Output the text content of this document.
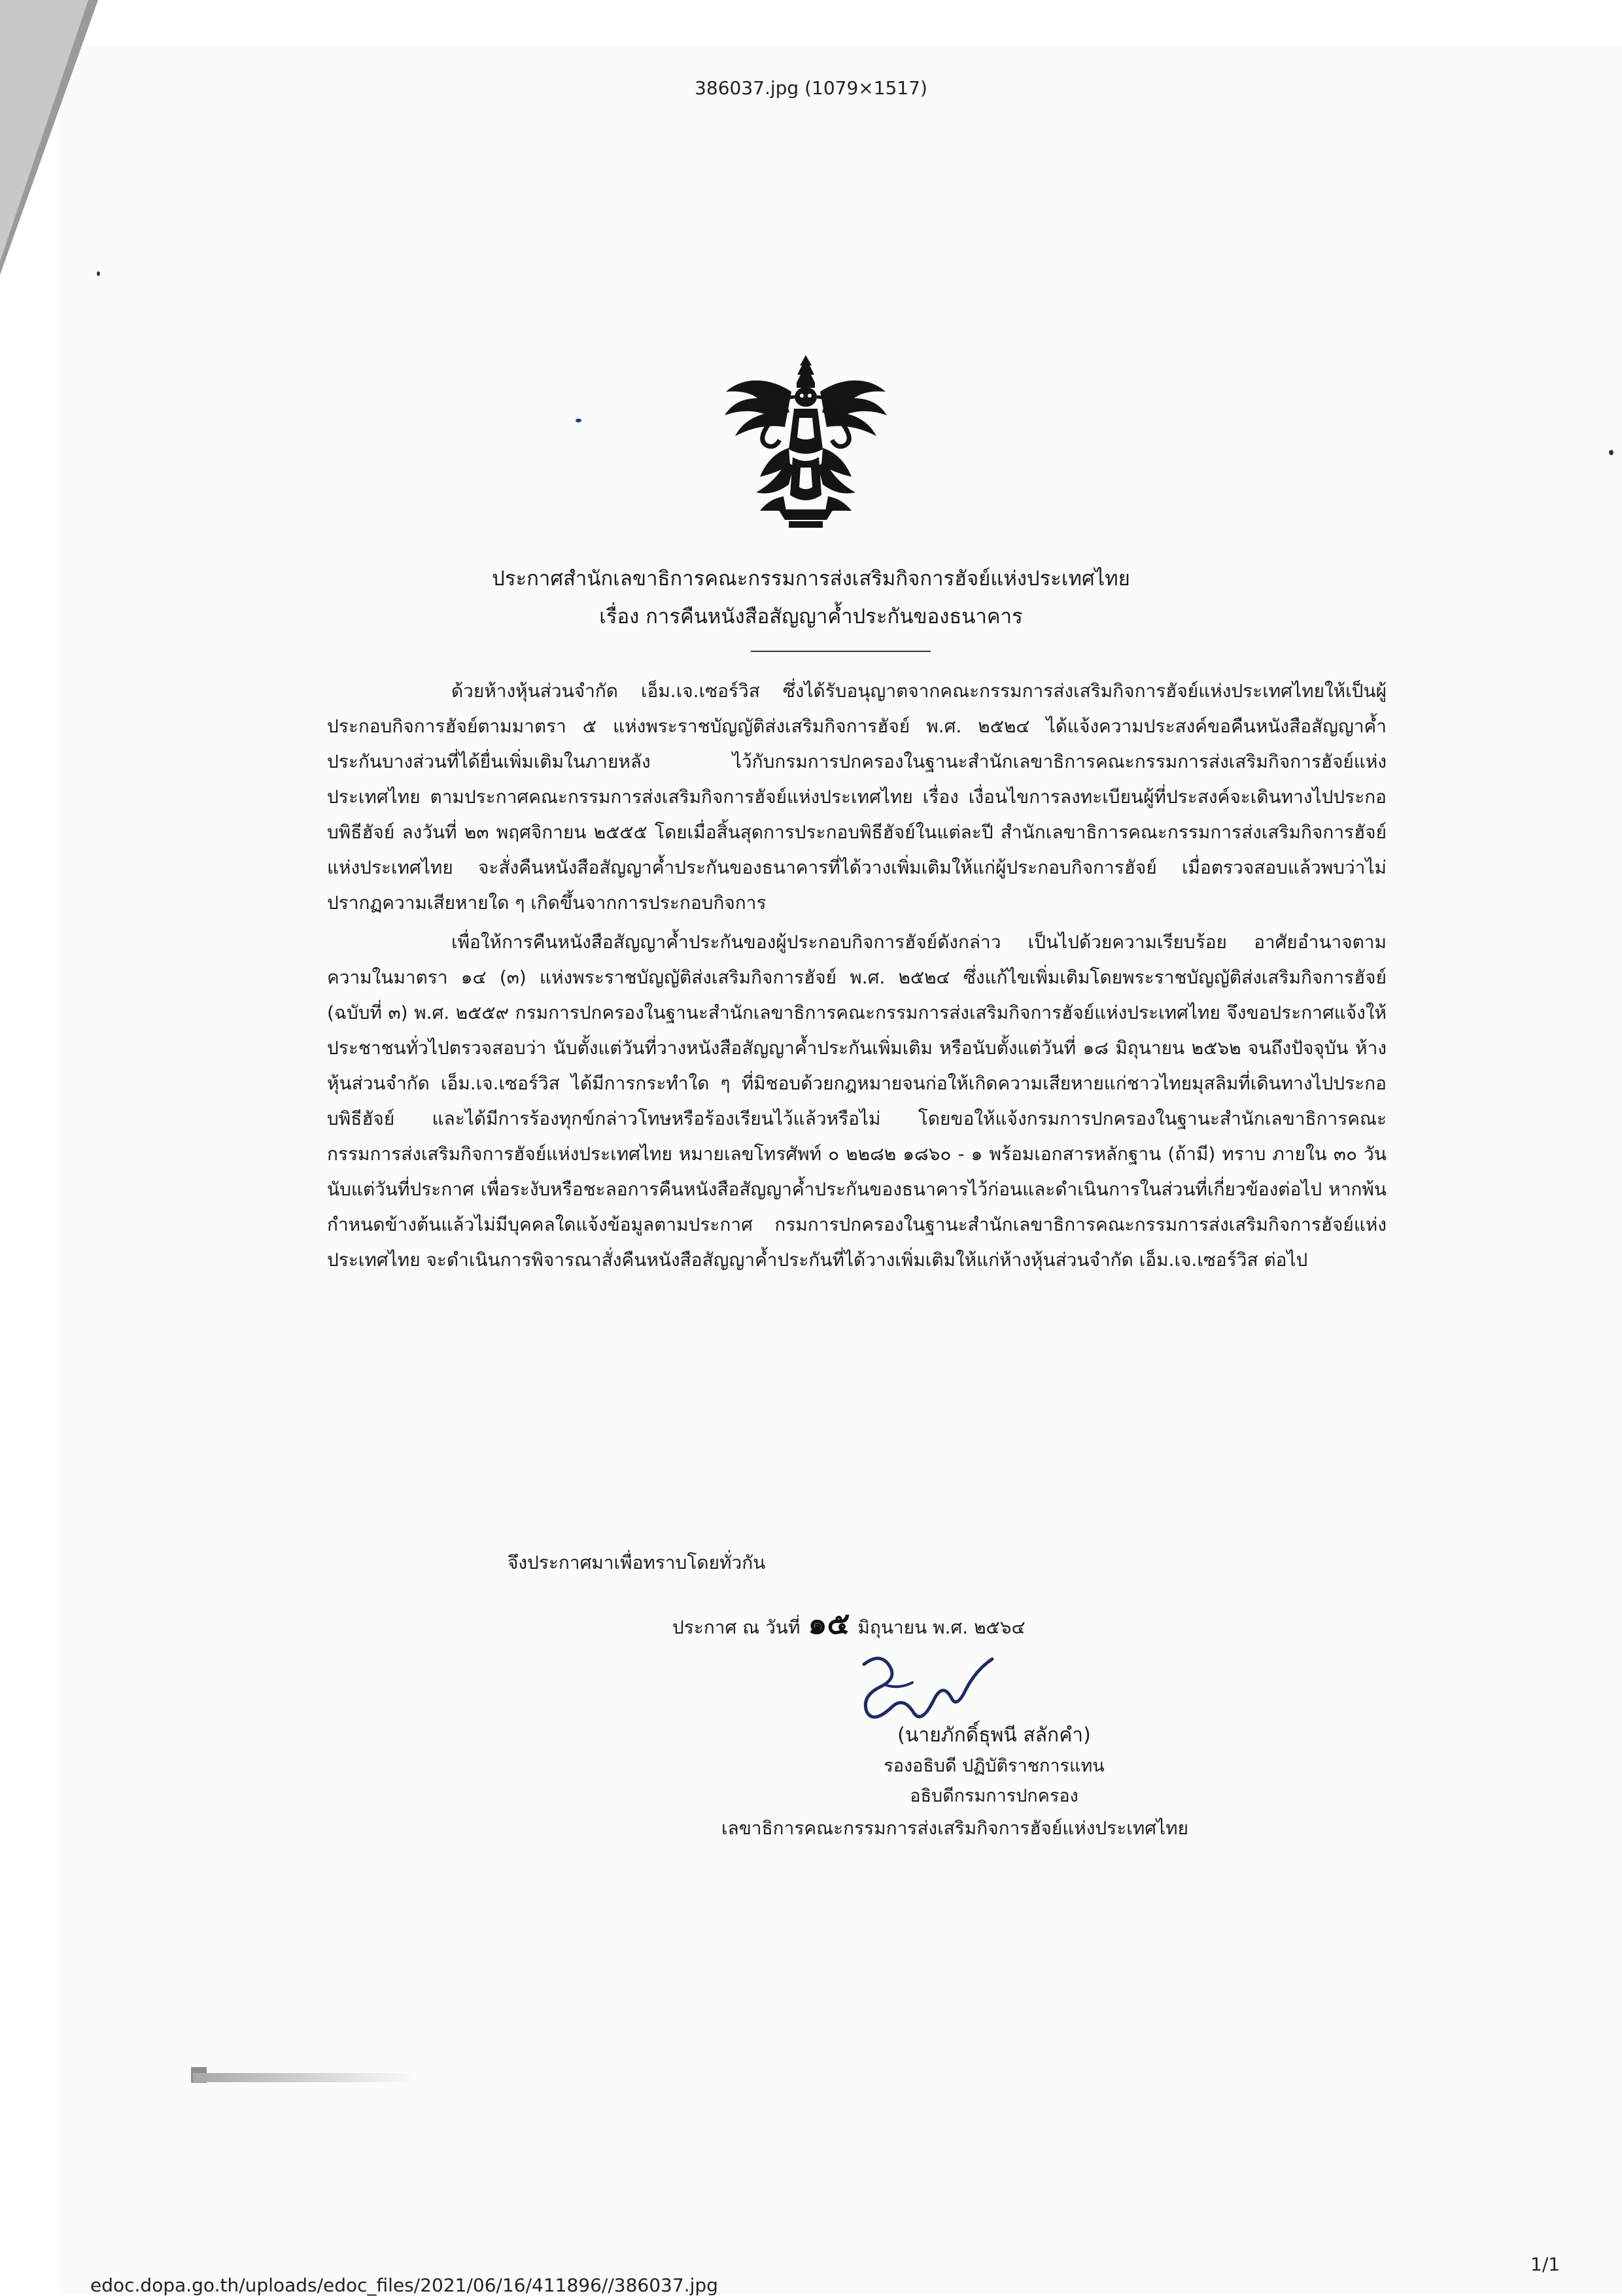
386037.jpg (1079×1517)
ประกาศสำนักเลขาธิการคณะกรรมการส่งเสริมกิจการฮัจย์แห่งประเทศไทย
เรื่อง การคืนหนังสือสัญญาค้ำประกันของธนาคาร

ด้วยห้างหุ้นส่วนจำกัด เอ็ม.เจ.เซอร์วิส ซึ่งได้รับอนุญาตจากคณะกรรมการส่งเสริมกิจการฮัจย์แห่งประเทศไทยให้เป็นผู้ประกอบกิจการฮัจย์ตามมาตรา ๕ แห่งพระราชบัญญัติส่งเสริมกิจการฮัจย์ พ.ศ. ๒๕๒๔ ได้แจ้งความประสงค์ขอคืนหนังสือสัญญาค้ำประกันบางส่วนที่ได้ยื่นเพิ่มเติมในภายหลัง ไว้กับกรมการปกครองในฐานะสำนักเลขาธิการคณะกรรมการส่งเสริมกิจการฮัจย์แห่งประเทศไทย ตามประกาศคณะกรรมการส่งเสริมกิจการฮัจย์แห่งประเทศไทย เรื่อง เงื่อนไขการลงทะเบียนผู้ที่ประสงค์จะเดินทางไปประกอบพิธีฮัจย์ ลงวันที่ ๒๓ พฤศจิกายน ๒๕๕๕ โดยเมื่อสิ้นสุดการประกอบพิธีฮัจย์ในแต่ละปี สำนักเลขาธิการคณะกรรมการส่งเสริมกิจการฮัจย์แห่งประเทศไทย จะสั่งคืนหนังสือสัญญาค้ำประกันของธนาคารที่ได้วางเพิ่มเติมให้แก่ผู้ประกอบกิจการฮัจย์ เมื่อตรวจสอบแล้วพบว่าไม่ปรากฏความเสียหายใด ๆ เกิดขึ้นจากการประกอบกิจการ

เพื่อให้การคืนหนังสือสัญญาค้ำประกันของผู้ประกอบกิจการฮัจย์ดังกล่าว เป็นไปด้วยความเรียบร้อย อาศัยอำนาจตามความในมาตรา ๑๔ (๓) แห่งพระราชบัญญัติส่งเสริมกิจการฮัจย์ พ.ศ. ๒๕๒๔ ซึ่งแก้ไขเพิ่มเติมโดยพระราชบัญญัติส่งเสริมกิจการฮัจย์ (ฉบับที่ ๓) พ.ศ. ๒๕๕๙ กรมการปกครองในฐานะสำนักเลขาธิการคณะกรรมการส่งเสริมกิจการฮัจย์แห่งประเทศไทย จึงขอประกาศแจ้งให้ประชาชนทั่วไปตรวจสอบว่า นับตั้งแต่วันที่วางหนังสือสัญญาค้ำประกันเพิ่มเติม หรือนับตั้งแต่วันที่ ๑๘ มิถุนายน ๒๕๖๒ จนถึงปัจจุบัน ห้างหุ้นส่วนจำกัด เอ็ม.เจ.เซอร์วิส ได้มีการกระทำใด ๆ ที่มิชอบด้วยกฎหมายจนก่อให้เกิดความเสียหายแก่ชาวไทยมุสลิมที่เดินทางไปประกอบพิธีฮัจย์ และได้มีการร้องทุกข์กล่าวโทษหรือร้องเรียนไว้แล้วหรือไม่ โดยขอให้แจ้งกรมการปกครองในฐานะสำนักเลขาธิการคณะกรรมการส่งเสริมกิจการฮัจย์แห่งประเทศไทย หมายเลขโทรศัพท์ ๐ ๒๒๘๒ ๑๘๖๐ - ๑ พร้อมเอกสารหลักฐาน (ถ้ามี) ทราบ ภายใน ๓๐ วันนับแต่วันที่ประกาศ เพื่อระงับหรือชะลอการคืนหนังสือสัญญาค้ำประกันของธนาคารไว้ก่อนและดำเนินการในส่วนที่เกี่ยวข้องต่อไป หากพ้นกำหนดข้างต้นแล้วไม่มีบุคคลใดแจ้งข้อมูลตามประกาศ กรมการปกครองในฐานะสำนักเลขาธิการคณะกรรมการส่งเสริมกิจการฮัจย์แห่งประเทศไทย จะดำเนินการพิจารณาสั่งคืนหนังสือสัญญาค้ำประกันที่ได้วางเพิ่มเติมให้แก่ห้างหุ้นส่วนจำกัด เอ็ม.เจ.เซอร์วิส ต่อไป

จึงประกาศมาเพื่อทราบโดยทั่วกัน
ประกาศ ณ วันที่ ๑๕ มิถุนายน พ.ศ. ๒๕๖๔
(นายภักดิ์ธุพนี สลักคำ)
รองอธิบดี ปฏิบัติราชการแทน
อธิบดีกรมการปกครอง
เลขาธิการคณะกรรมการส่งเสริมกิจการฮัจย์แห่งประเทศไทย
edoc.dopa.go.th/uploads/edoc_files/2021/06/16/411896//386037.jpg
1/1
